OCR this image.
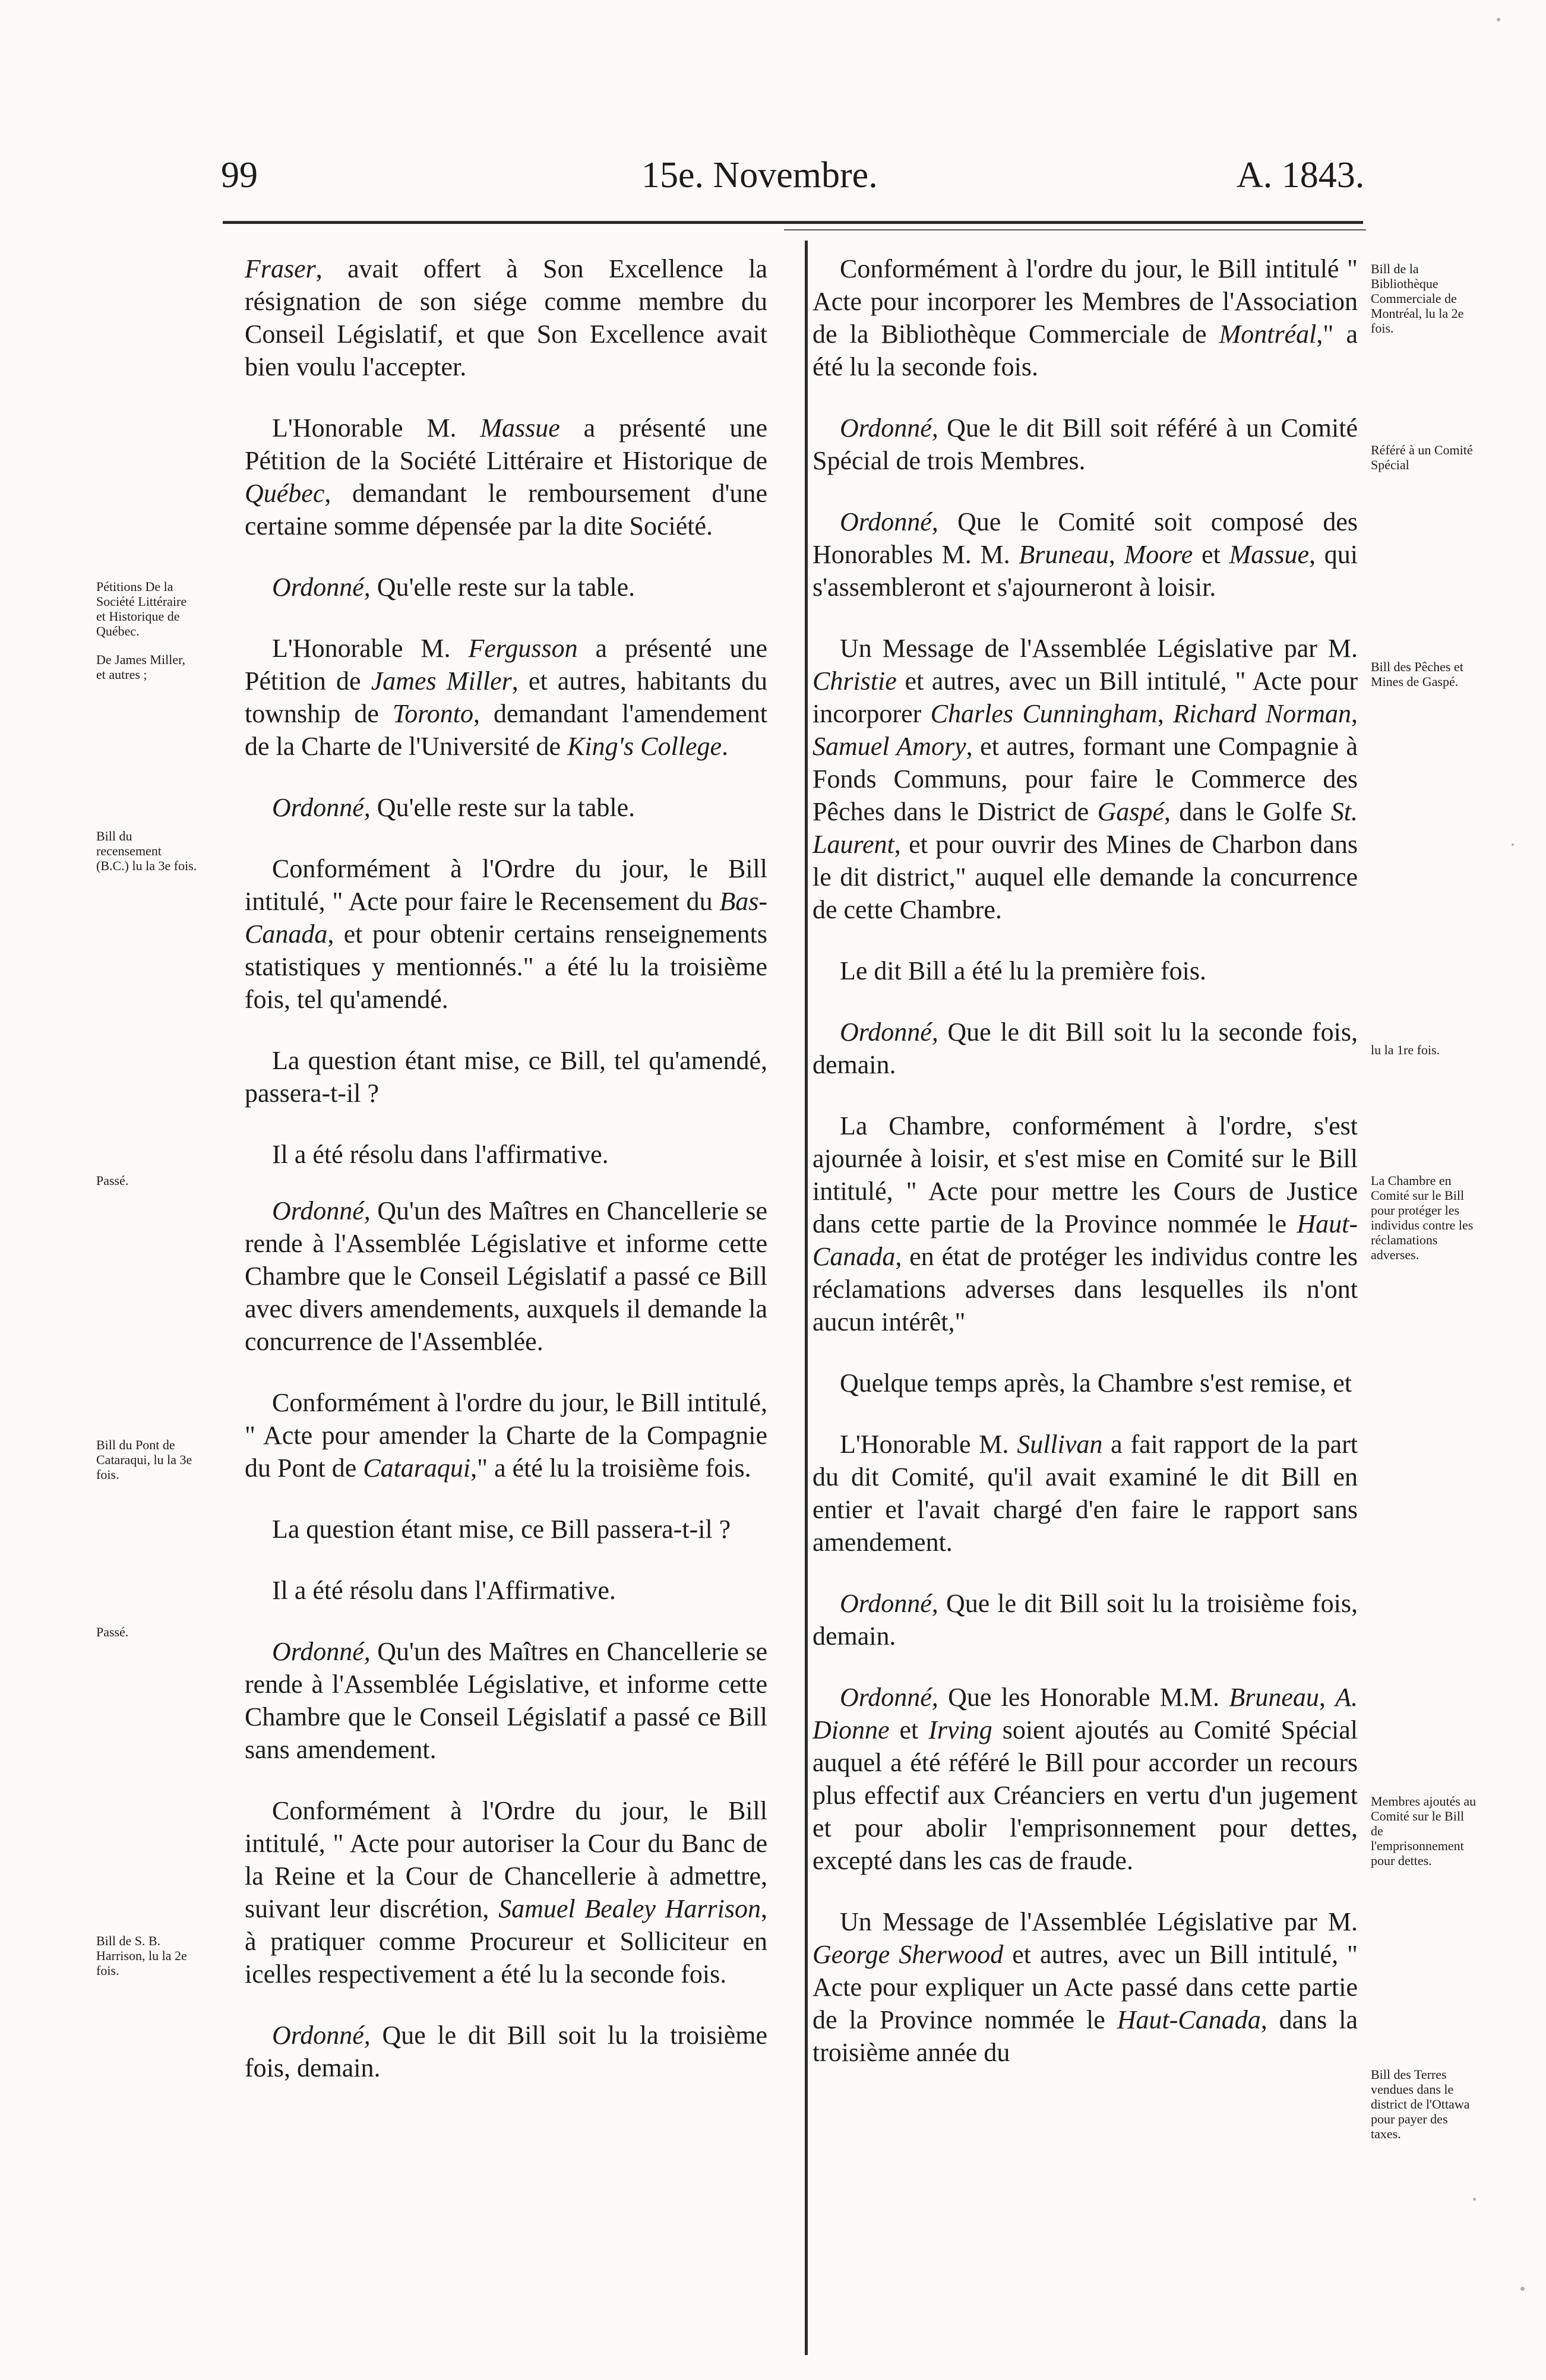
99	15e. Novembre.	A. 1843.

Fraser, avait offert à Son Excellence la résignation de son siége comme membre du Conseil Législatif, et que Son Excellence avait bien voulu l'accepter.

L'Honorable M. Massue a présenté une Pétition de la Société Littéraire et Historique de Québec, demandant le remboursement d'une certaine somme dépensée par la dite Société.

Ordonné, Qu'elle reste sur la table.

L'Honorable M. Fergusson a présenté une Pétition de James Miller, et autres, habitants du township de Toronto, demandant l'amendement de la Charte de l'Université de King's College.

Ordonné, Qu'elle reste sur la table.

Conformément à l'Ordre du jour, le Bill intitulé, " Acte pour faire le Recensement du Bas-Canada, et pour obtenir certains renseignements statistiques y mentionnés." a été lu la troisième fois, tel qu'amendé.

La question étant mise, ce Bill, tel qu'amendé, passera-t-il ?

Il a été résolu dans l'affirmative.

Ordonné, Qu'un des Maîtres en Chancellerie se rende à l'Assemblée Législative et informe cette Chambre que le Conseil Législatif a passé ce Bill avec divers amendements, auxquels il demande la concurrence de l'Assemblée.

Conformément à l'ordre du jour, le Bill intitulé, " Acte pour amender la Charte de la Compagnie du Pont de Cataraqui," a été lu la troisième fois.

La question étant mise, ce Bill passera-t-il ?

Il a été résolu dans l'Affirmative.

Ordonné, Qu'un des Maîtres en Chancellerie se rende à l'Assemblée Législative, et informe cette Chambre que le Conseil Législatif a passé ce Bill sans amendement.

Conformément à l'Ordre du jour, le Bill intitulé, " Acte pour autoriser la Cour du Banc de la Reine et la Cour de Chancellerie à admettre, suivant leur discrétion, Samuel Bealey Harrison, à pratiquer comme Procureur et Solliciteur en icelles respectivement a été lu la seconde fois.

Ordonné, Que le dit Bill soit lu la troisième fois, demain.

Conformément à l'ordre du jour, le Bill intitulé " Acte pour incorporer les Membres de l'Association de la Bibliothèque Commerciale de Montréal," a été lu la seconde fois.

Ordonné, Que le dit Bill soit référé à un Comité Spécial de trois Membres.

Ordonné, Que le Comité soit composé des Honorables M. M. Bruneau, Moore et Massue, qui s'assembleront et s'ajourneront à loisir.

Un Message de l'Assemblée Législative par M. Christie et autres, avec un Bill intitulé, " Acte pour incorporer Charles Cunningham, Richard Norman, Samuel Amory, et autres, formant une Compagnie à Fonds Communs, pour faire le Commerce des Pêches dans le District de Gaspé, dans le Golfe St. Laurent, et pour ouvrir des Mines de Charbon dans le dit district," auquel elle demande la concurrence de cette Chambre.

Le dit Bill a été lu la première fois.

Ordonné, Que le dit Bill soit lu la seconde fois, demain.

La Chambre, conformément à l'ordre, s'est ajournée à loisir, et s'est mise en Comité sur le Bill intitulé, " Acte pour mettre les Cours de Justice dans cette partie de la Province nommée le Haut-Canada, en état de protéger les individus contre les réclamations adverses dans lesquelles ils n'ont aucun intérêt,"

Quelque temps après, la Chambre s'est remise, et

L'Honorable M. Sullivan a fait rapport de la part du dit Comité, qu'il avait examiné le dit Bill en entier et l'avait chargé d'en faire le rapport sans amendement.

Ordonné, Que le dit Bill soit lu la troisième fois, demain.

Ordonné, Que les Honorable M.M. Bruneau, A. Dionne et Irving soient ajoutés au Comité Spécial auquel a été référé le Bill pour accorder un recours plus effectif aux Créanciers en vertu d'un jugement et pour abolir l'emprisonnement pour dettes, excepté dans les cas de fraude.

Un Message de l'Assemblée Législative par M. George Sherwood et autres, avec un Bill intitulé, " Acte pour expliquer un Acte passé dans cette partie de la Province nommée le Haut-Canada, dans la troisième année du

Pétitions De la Société Littéraire et Historique de Québec.
De James Miller, et autres ;
Bill du recensement (B.C.) lu la 3e fois.
Passé.
Bill du Pont de Cataraqui, lu la 3e fois.
Passé.
Bill de S. B. Harrison, lu la 2e fois.
Bill de la Bibliothèque Commerciale de Montréal, lu la 2e fois.
Référé à un Comité Spécial
Bill des Pêches et Mines de Gaspé.
lu la 1re fois.
La Chambre en Comité sur le Bill pour protéger les individus contre les réclamations adverses.
Membres ajoutés au Comité sur le Bill de l'emprisonnement pour dettes.
Bill des Terres vendues dans le district de l'Ottawa pour payer des taxes.
